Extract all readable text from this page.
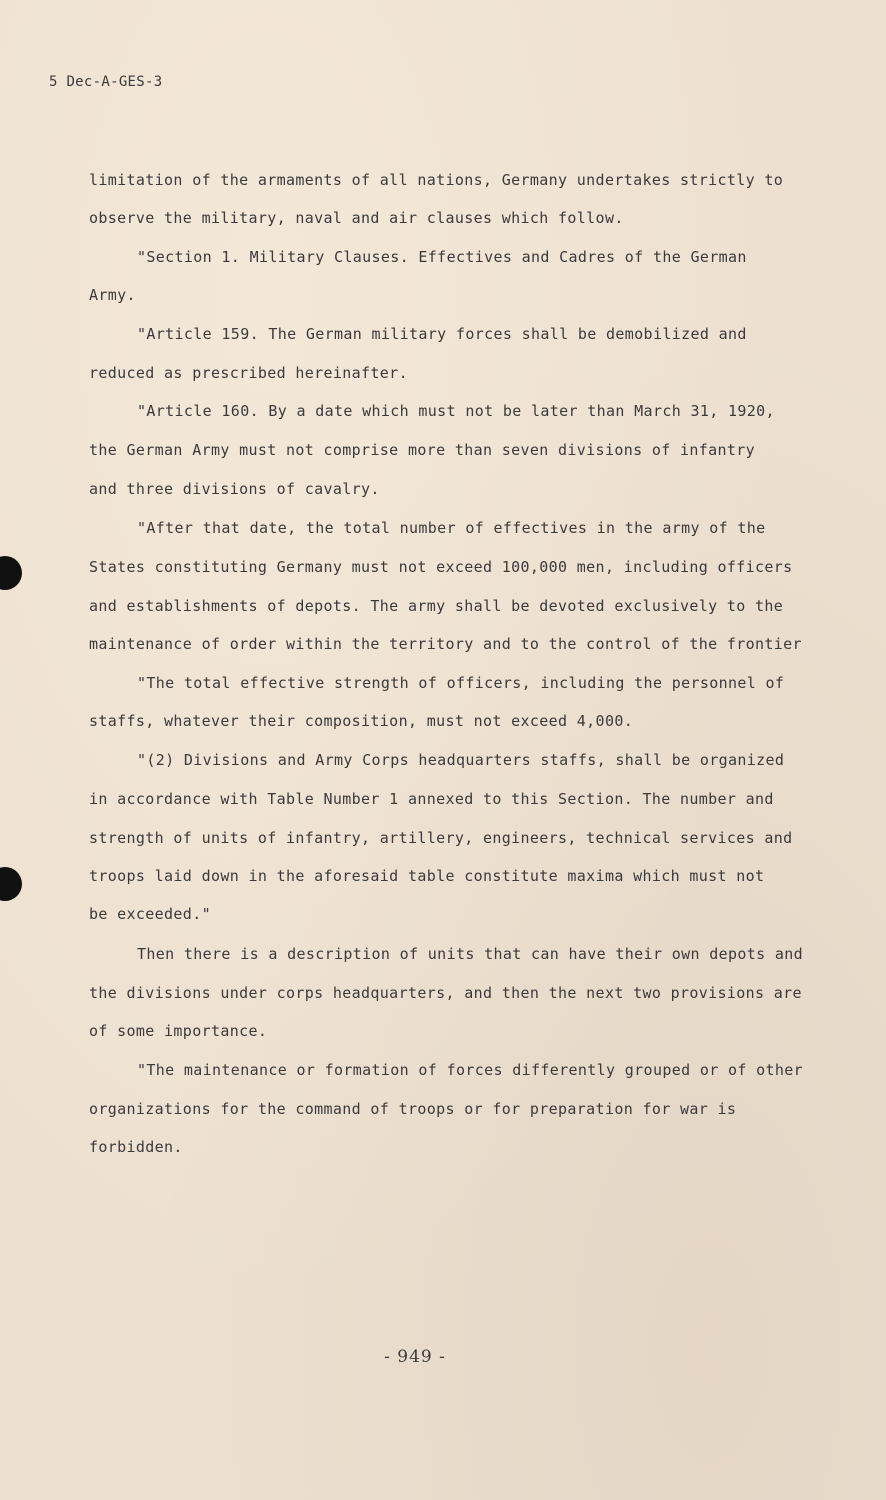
5 Dec-A-GES-3
limitation of the armaments of all nations, Germany undertakes strictly to
observe the military, naval and air clauses which follow.
"Section 1. Military Clauses. Effectives and Cadres of the German
Army.
"Article 159. The German military forces shall be demobilized and
reduced as prescribed hereinafter.
"Article 160. By a date which must not be later than March 31, 1920,
the German Army must not comprise more than seven divisions of infantry
and three divisions of cavalry.
"After that date, the total number of effectives in the army of the
States constituting Germany must not exceed 100,000 men, including officers
and establishments of depots. The army shall be devoted exclusively to the
maintenance of order within the territory and to the control of the frontier
"The total effective strength of officers, including the personnel of
staffs, whatever their composition, must not exceed 4,000.
"(2) Divisions and Army Corps headquarters staffs, shall be organized
in accordance with Table Number 1 annexed to this Section. The number and
strength of units of infantry, artillery, engineers, technical services and
troops laid down in the aforesaid table constitute maxima which must not
be exceeded."
Then there is a description of units that can have their own depots and
the divisions under corps headquarters, and then the next two provisions are
of some importance.
"The maintenance or formation of forces differently grouped or of other
organizations for the command of troops or for preparation for war is
forbidden.
- 949 -
